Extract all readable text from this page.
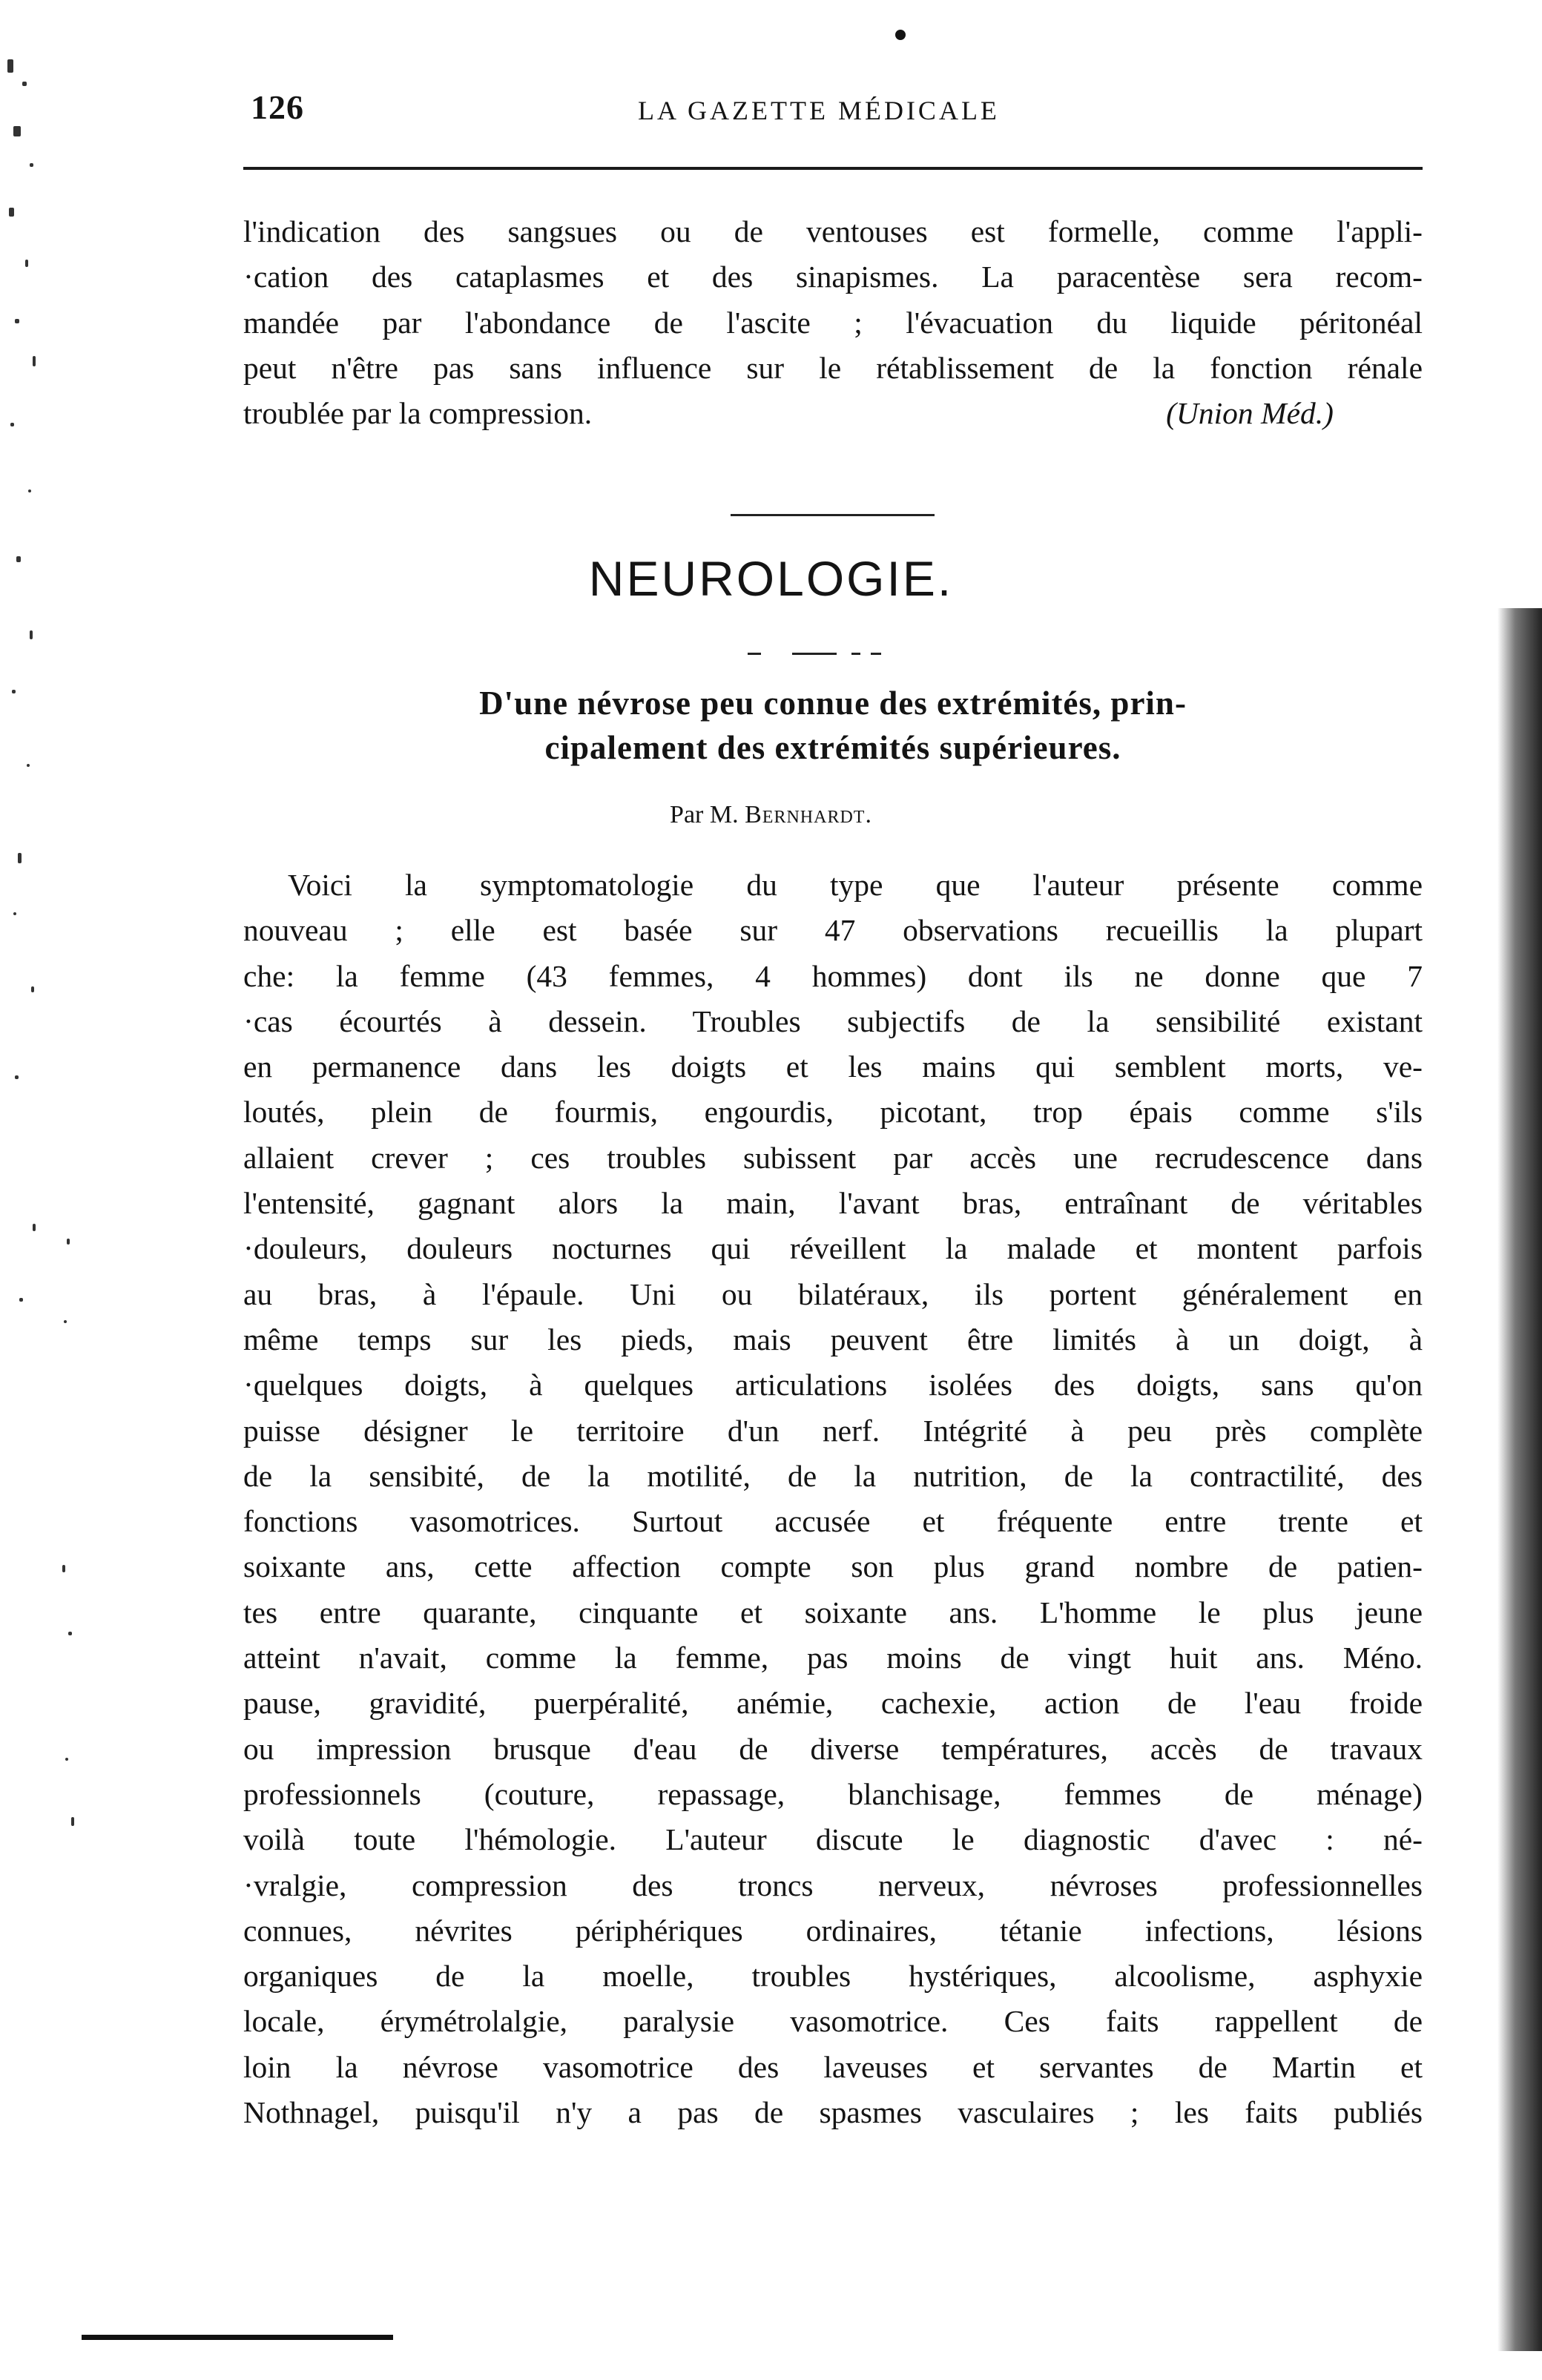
126	LA GAZETTE MÉDICALE
l'indication des sangsues ou de ventouses est formelle, comme l'appli-
·cation des cataplasmes et des sinapismes. La paracentèse sera recom-
mandée par l'abondance de l'ascite ; l'évacuation du liquide péritonéal
peut n'être pas sans influence sur le rétablissement de la fonction rénale
troublée par la compression.	(Union Méd.)
NEUROLOGIE.
D'une névrose peu connue des extrémités, prin-
cipalement des extrémités supérieures.
Par M. Bernhardt.
Voici la symptomatologie du type que l'auteur présente comme
nouveau ; elle est basée sur 47 observations recueillis la plupart
che: la femme (43 femmes, 4 hommes) dont ils ne donne que 7
·cas écourtés à dessein. Troubles subjectifs de la sensibilité existant
en permanence dans les doigts et les mains qui semblent morts, ve-
loutés, plein de fourmis, engourdis, picotant, trop épais comme s'ils
allaient crever ; ces troubles subissent par accès une recrudescence dans
l'entensité, gagnant alors la main, l'avant bras, entraînant de véritables
·douleurs, douleurs nocturnes qui réveillent la malade et montent parfois
au bras, à l'épaule. Uni ou bilatéraux, ils portent généralement en
même temps sur les pieds, mais peuvent être limités à un doigt, à
·quelques doigts, à quelques articulations isolées des doigts, sans qu'on
puisse désigner le territoire d'un nerf. Intégrité à peu près complète
de la sensibité, de la motilité, de la nutrition, de la contractilité, des
fonctions vasomotrices. Surtout accusée et fréquente entre trente et
soixante ans, cette affection compte son plus grand nombre de patien-
tes entre quarante, cinquante et soixante ans. L'homme le plus jeune
atteint n'avait, comme la femme, pas moins de vingt huit ans. Méno.
pause, gravidité, puerpéralité, anémie, cachexie, action de l'eau froide
ou impression brusque d'eau de diverse températures, accès de travaux
professionnels (couture, repassage, blanchisage, femmes de ménage)
voilà toute l'hémologie. L'auteur discute le diagnostic d'avec : né-
·vralgie, compression des troncs nerveux, névroses professionnelles
connues, névrites périphériques ordinaires, tétanie infections, lésions
organiques de la moelle, troubles hystériques, alcoolisme, asphyxie
locale, érymétrolalgie, paralysie vasomotrice. Ces faits rappellent de
loin la névrose vasomotrice des laveuses et servantes de Martin et
Nothnagel, puisqu'il n'y a pas de spasmes vasculaires ; les faits publiés
